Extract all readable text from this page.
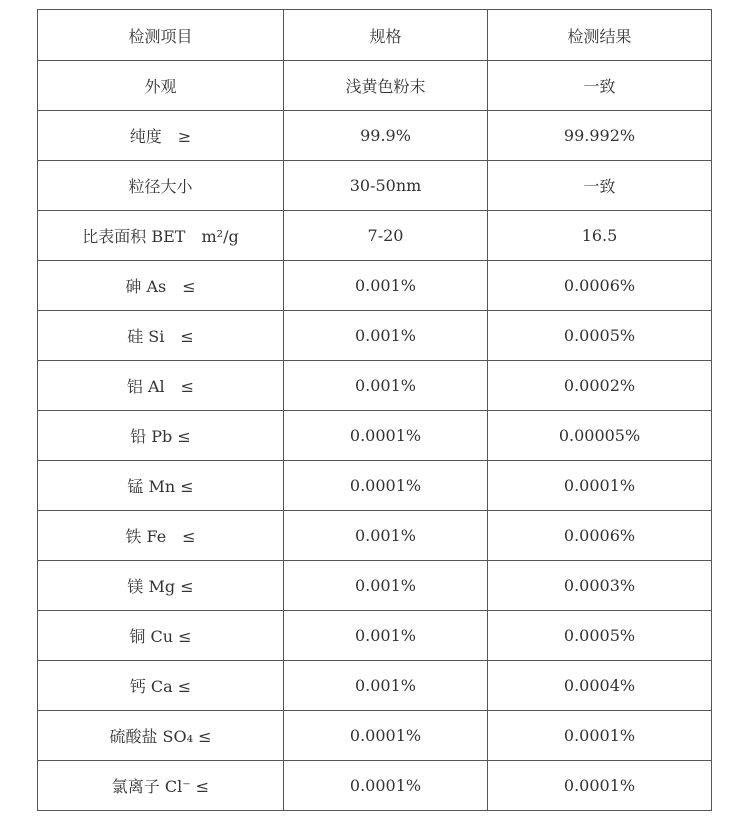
检测项目	规格	检测结果
外观	浅黄色粉末	一致
纯度　≥	99.9%	99.992%
粒径大小	30-50nm	一致
比表面积 BET　m²/g	7-20	16.5
砷 As　≤	0.001%	0.0006%
硅 Si　≤	0.001%	0.0005%
铝 Al　≤	0.001%	0.0002%
铅 Pb ≤	0.0001%	0.00005%
锰 Mn ≤	0.0001%	0.0001%
铁 Fe　≤	0.001%	0.0006%
镁 Mg ≤	0.001%	0.0003%
铜 Cu ≤	0.001%	0.0005%
钙 Ca ≤	0.001%	0.0004%
硫酸盐 SO₄ ≤	0.0001%	0.0001%
氯离子 Cl⁻ ≤	0.0001%	0.0001%
